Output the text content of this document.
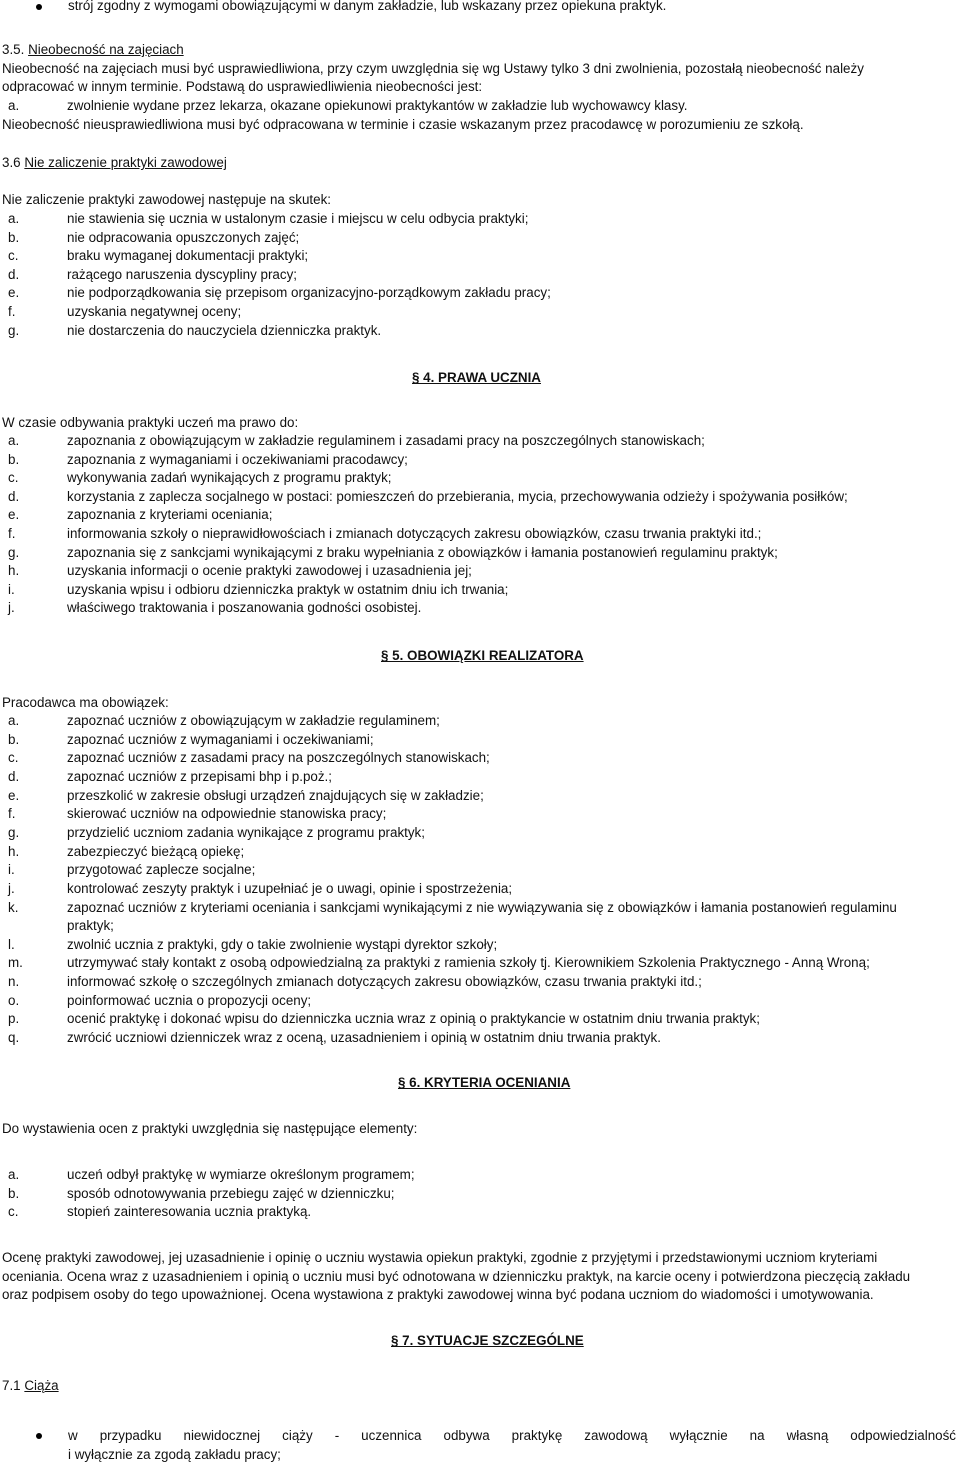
strój zgodny z wymogami obowiązującymi w danym zakładzie, lub wskazany przez opiekuna praktyk.
3.5. Nieobecność na zajęciach
Nieobecność na zajęciach musi być usprawiedliwiona, przy czym uwzględnia się wg Ustawy tylko 3 dni zwolnienia, pozostałą nieobecność należy
odpracować w innym terminie. Podstawą do usprawiedliwienia nieobecności jest:
a.	zwolnienie wydane przez lekarza, okazane opiekunowi praktykantów w zakładzie lub wychowawcy klasy.
Nieobecność nieusprawiedliwiona musi być odpracowana w terminie i czasie wskazanym przez pracodawcę w porozumieniu ze szkołą.
3.6 Nie zaliczenie praktyki zawodowej
Nie zaliczenie praktyki zawodowej następuje na skutek:
a.	nie stawienia się ucznia w ustalonym czasie i miejscu w celu odbycia praktyki;
b.	nie odpracowania opuszczonych zajęć;
c.	braku wymaganej dokumentacji praktyki;
d.	rażącego naruszenia dyscypliny pracy;
e.	nie podporządkowania się przepisom organizacyjno-porządkowym zakładu pracy;
f.	uzyskania negatywnej oceny;
g.	nie dostarczenia do nauczyciela dzienniczka praktyk.
§ 4. PRAWA UCZNIA
W czasie odbywania praktyki uczeń ma prawo do:
a.	zapoznania z obowiązującym w zakładzie regulaminem i zasadami pracy na poszczególnych stanowiskach;
b.	zapoznania z wymaganiami i oczekiwaniami pracodawcy;
c.	wykonywania zadań wynikających z programu praktyk;
d.	korzystania z zaplecza socjalnego w postaci: pomieszczeń do przebierania, mycia, przechowywania odzieży i spożywania posiłków;
e.	zapoznania z kryteriami oceniania;
f.	informowania szkoły o nieprawidłowościach i zmianach dotyczących zakresu obowiązków, czasu trwania praktyki itd.;
g.	zapoznania się z sankcjami wynikającymi z braku wypełniania z obowiązków i łamania postanowień regulaminu praktyk;
h.	uzyskania informacji o ocenie praktyki zawodowej i uzasadnienia jej;
i.	uzyskania wpisu i odbioru dzienniczka praktyk w ostatnim dniu ich trwania;
j.	właściwego traktowania i poszanowania godności osobistej.
§ 5. OBOWIĄZKI REALIZATORA
Pracodawca ma obowiązek:
a.	zapoznać uczniów z obowiązującym w zakładzie regulaminem;
b.	zapoznać uczniów z wymaganiami i oczekiwaniami;
c.	zapoznać uczniów z zasadami pracy na poszczególnych stanowiskach;
d.	zapoznać uczniów z przepisami bhp i p.poż.;
e.	przeszkolić w zakresie obsługi urządzeń znajdujących się w zakładzie;
f.	skierować uczniów na odpowiednie stanowiska pracy;
g.	przydzielić uczniom zadania wynikające z programu praktyk;
h.	zabezpieczyć bieżącą opiekę;
i.	przygotować zaplecze socjalne;
j.	kontrolować zeszyty praktyk i uzupełniać je o uwagi, opinie i spostrzeżenia;
k.	zapoznać uczniów z kryteriami oceniania i sankcjami wynikającymi z nie wywiązywania się z obowiązków i łamania postanowień regulaminu
praktyk;
l.	zwolnić ucznia z praktyki, gdy o takie zwolnienie wystąpi dyrektor szkoły;
m.	utrzymywać stały kontakt z osobą odpowiedzialną za praktyki z ramienia szkoły tj. Kierownikiem Szkolenia Praktycznego - Anną Wroną;
n.	informować szkołę o szczególnych zmianach dotyczących zakresu obowiązków, czasu trwania praktyki itd.;
o.	poinformować ucznia o propozycji oceny;
p.	ocenić praktykę i dokonać wpisu do dzienniczka ucznia wraz z opinią o praktykancie w ostatnim dniu trwania praktyk;
q.	zwrócić uczniowi dzienniczek wraz z oceną, uzasadnieniem i opinią w ostatnim dniu trwania praktyk.
§ 6. KRYTERIA OCENIANIA
Do wystawienia ocen z praktyki uwzględnia się następujące elementy:
a.	uczeń odbył praktykę w wymiarze określonym programem;
b.	sposób odnotowywania przebiegu zajęć w dzienniczku;
c.	stopień zainteresowania ucznia praktyką.
Ocenę praktyki zawodowej, jej uzasadnienie i opinię o uczniu wystawia opiekun praktyki, zgodnie z przyjętymi i przedstawionymi uczniom kryteriami
oceniania. Ocena wraz z uzasadnieniem i opinią o uczniu musi być odnotowana w dzienniczku praktyk, na karcie oceny i potwierdzona pieczęcią zakładu
oraz podpisem osoby do tego upoważnionej. Ocena wystawiona z praktyki zawodowej winna być podana uczniom do wiadomości i umotywowania.
§ 7. SYTUACJE SZCZEGÓLNE
7.1 Ciąża
w przypadku niewidocznej ciąży - uczennica odbywa praktykę zawodową wyłącznie na własną odpowiedzialność
i wyłącznie za zgodą zakładu pracy;
